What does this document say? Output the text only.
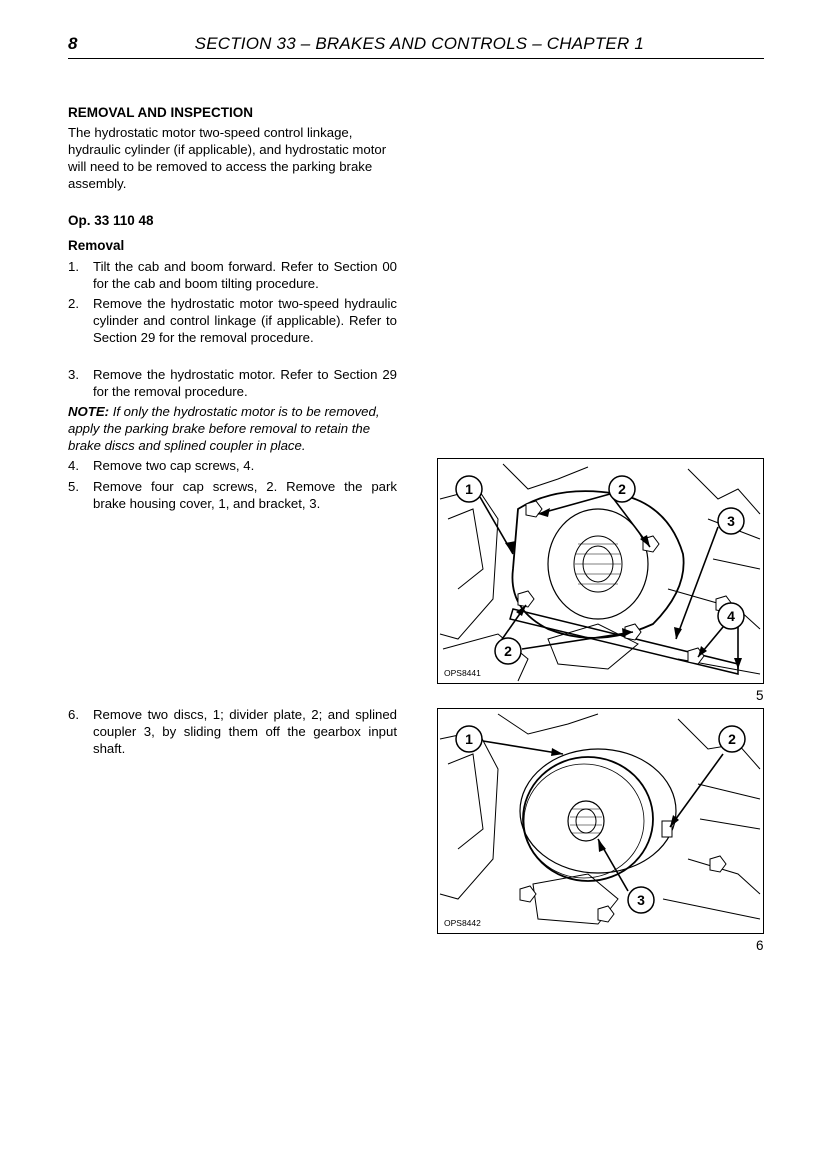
8	SECTION 33 – BRAKES AND CONTROLS – CHAPTER 1
REMOVAL AND INSPECTION
The hydrostatic motor two-speed control linkage, hydraulic cylinder (if applicable), and hydrostatic motor will need to be removed to access the parking brake assembly.
Op. 33 110 48
Removal
1. Tilt the cab and boom forward. Refer to Section 00 for the cab and boom tilting procedure.
2. Remove the hydrostatic motor two-speed hydraulic cylinder and control linkage (if applicable). Refer to Section 29 for the removal procedure.
3. Remove the hydrostatic motor. Refer to Section 29 for the removal procedure.
NOTE: If only the hydrostatic motor is to be removed, apply the parking brake before removal to retain the brake discs and splined coupler in place.
4. Remove two cap screws, 4.
5. Remove four cap screws, 2. Remove the park brake housing cover, 1, and bracket, 3.
6. Remove two discs, 1; divider plate, 2; and splined coupler 3, by sliding them off the gearbox input shaft.
1	2
3
4
2
OPS8441
5
1	2
3
OPS8442
6
